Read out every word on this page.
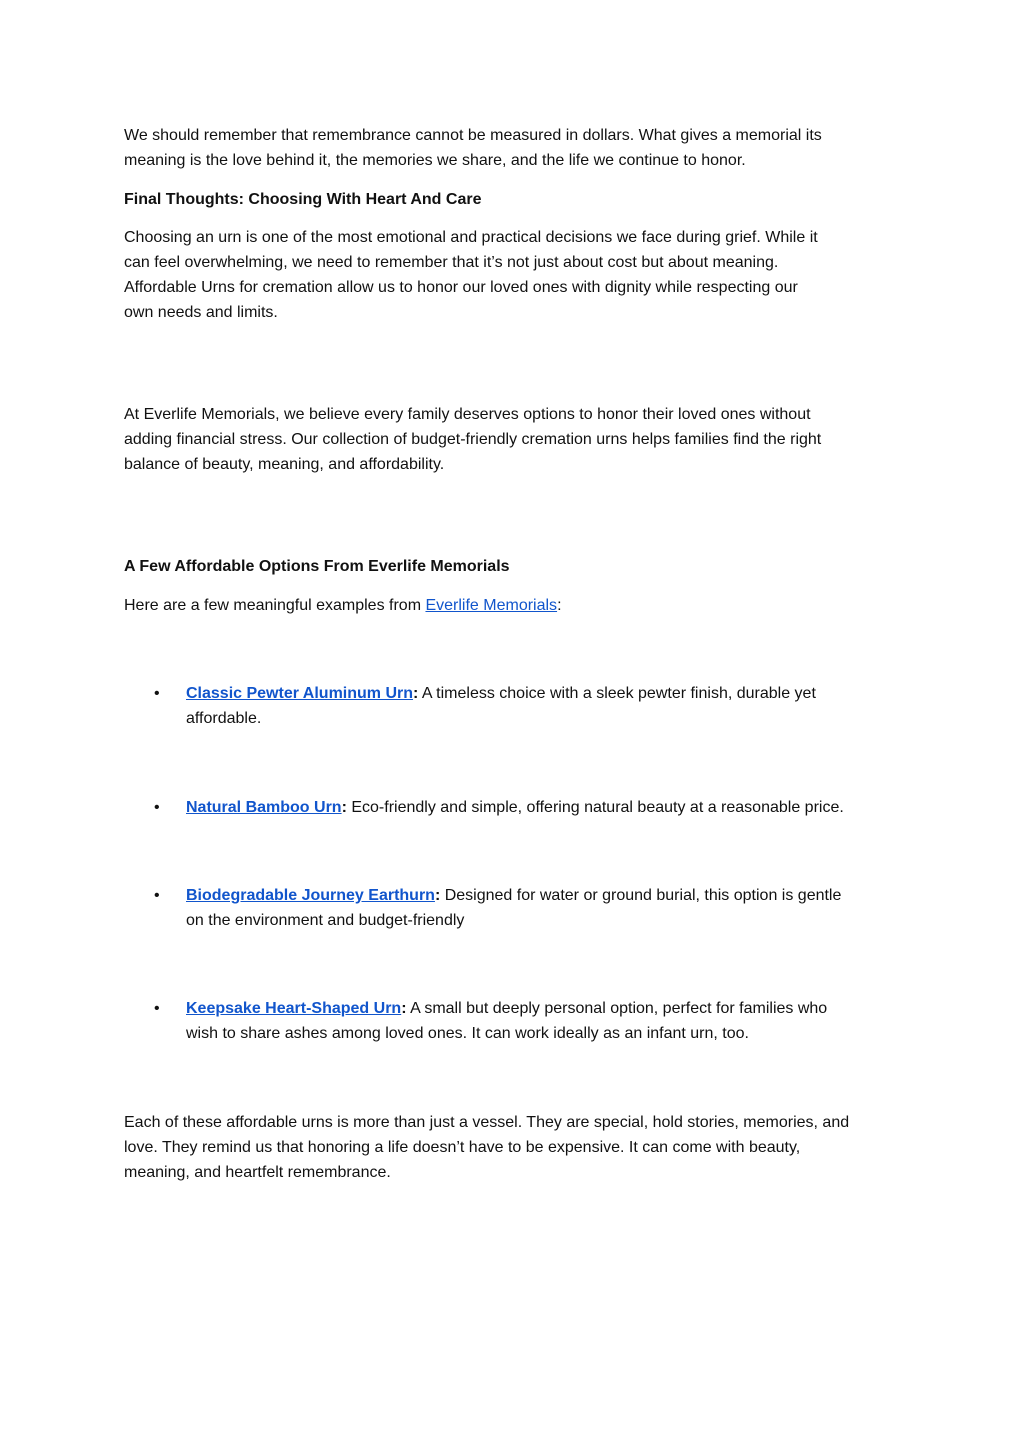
We should remember that remembrance cannot be measured in dollars. What gives a memorial its
meaning is the love behind it, the memories we share, and the life we continue to honor.
Final Thoughts: Choosing With Heart And Care
Choosing an urn is one of the most emotional and practical decisions we face during grief. While it
can feel overwhelming, we need to remember that it’s not just about cost but about meaning.
Affordable Urns for cremation allow us to honor our loved ones with dignity while respecting our
own needs and limits.
At Everlife Memorials, we believe every family deserves options to honor their loved ones without
adding financial stress. Our collection of budget-friendly cremation urns helps families find the right
balance of beauty, meaning, and affordability.
A Few Affordable Options From Everlife Memorials
Here are a few meaningful examples from Everlife Memorials:
• Classic Pewter Aluminum Urn: A timeless choice with a sleek pewter finish, durable yet
affordable.
• Natural Bamboo Urn: Eco-friendly and simple, offering natural beauty at a reasonable price.
• Biodegradable Journey Earthurn: Designed for water or ground burial, this option is gentle
on the environment and budget-friendly
• Keepsake Heart-Shaped Urn: A small but deeply personal option, perfect for families who
wish to share ashes among loved ones. It can work ideally as an infant urn, too.
Each of these affordable urns is more than just a vessel. They are special, hold stories, memories, and
love. They remind us that honoring a life doesn’t have to be expensive. It can come with beauty,
meaning, and heartfelt remembrance.
